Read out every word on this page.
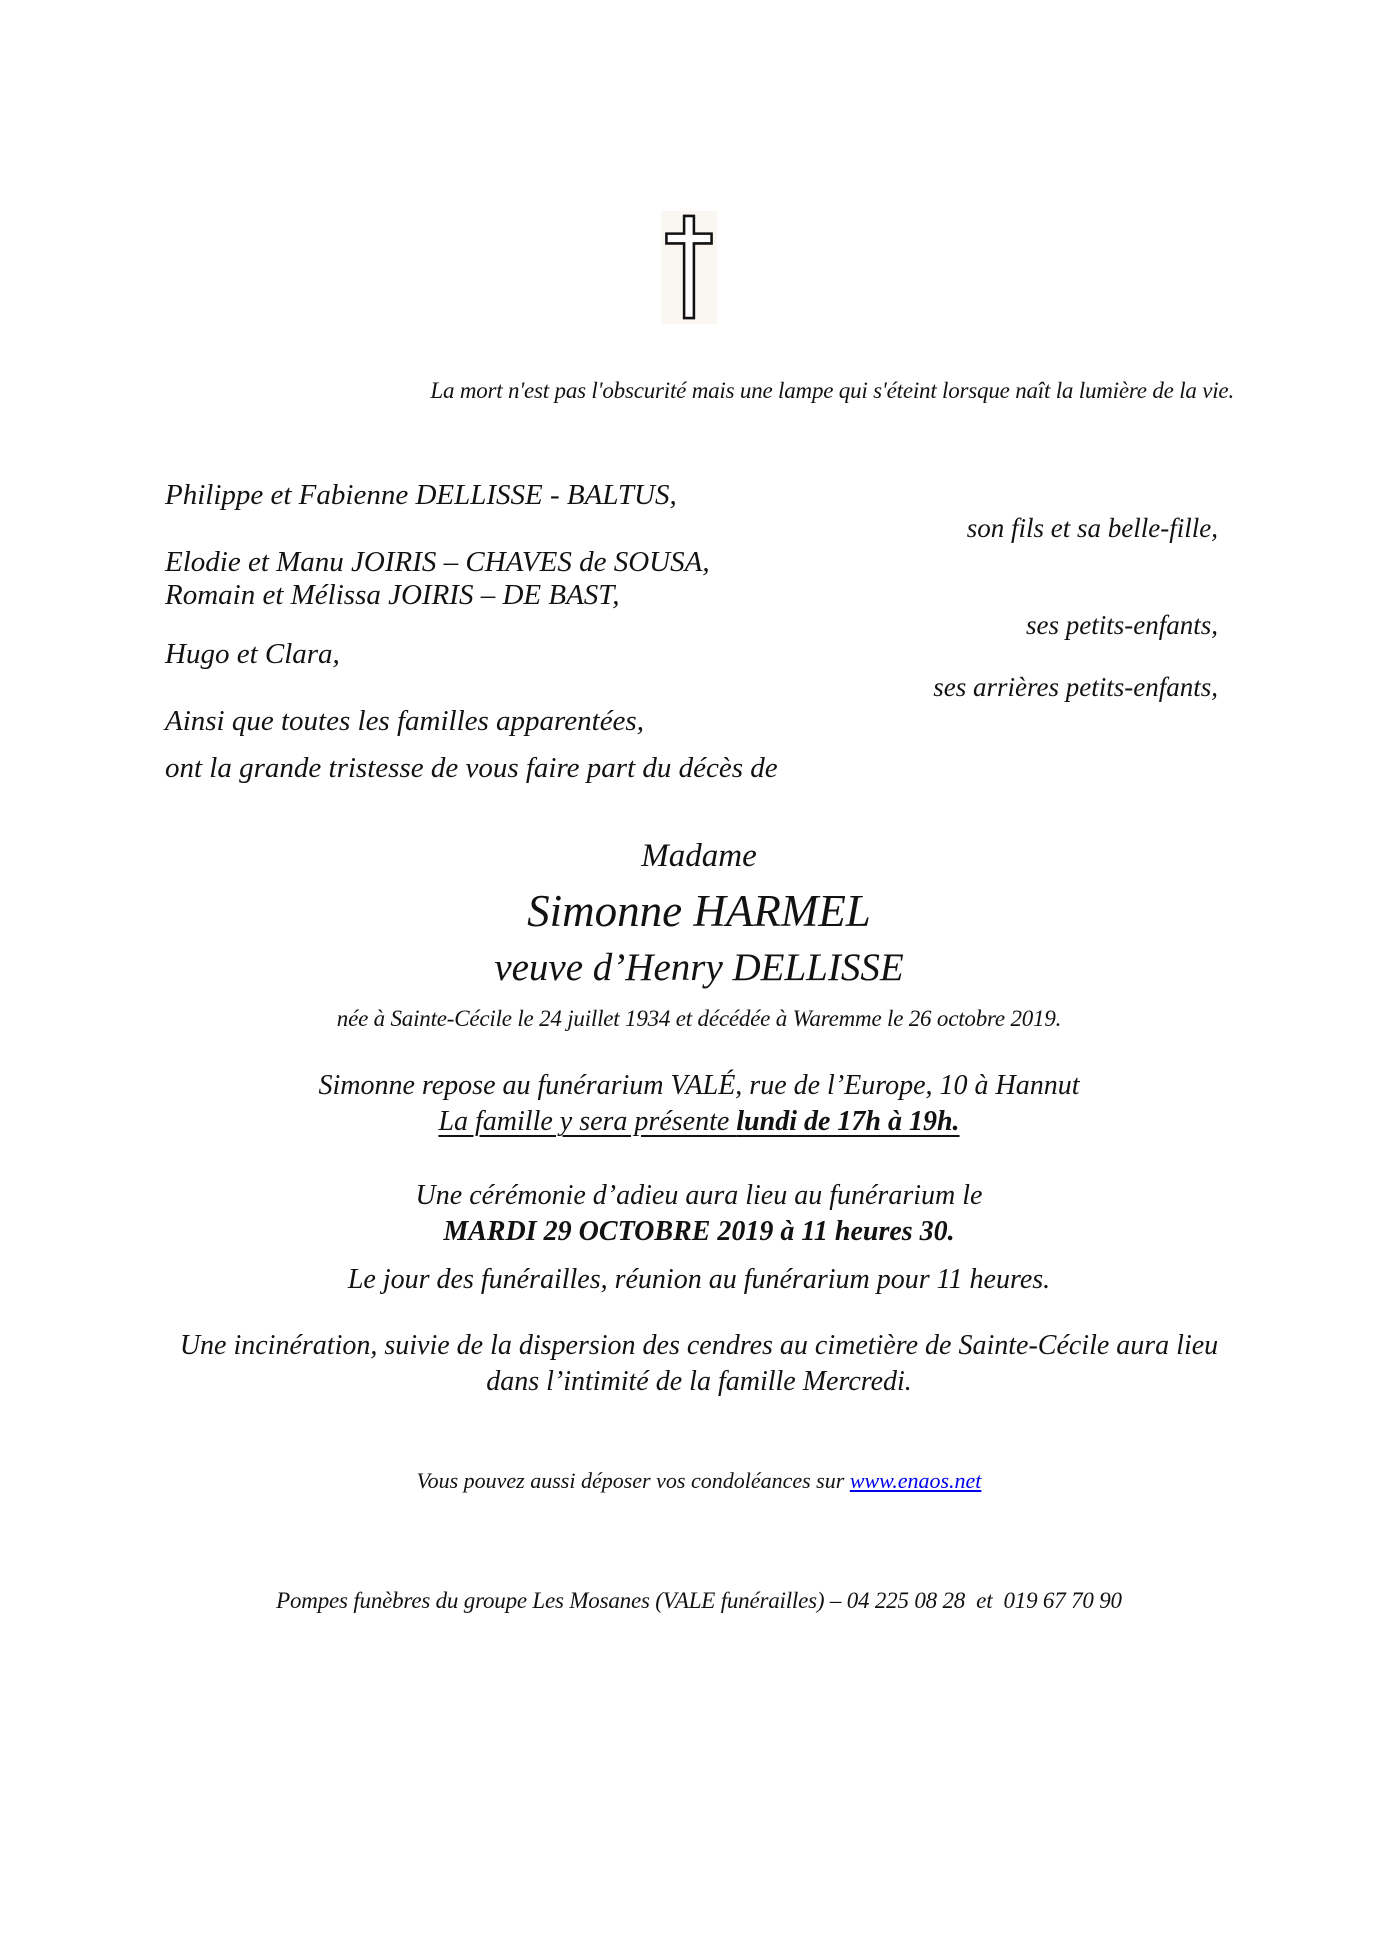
La mort n'est pas l'obscurité mais une lampe qui s'éteint lorsque naît la lumière de la vie.
Philippe et Fabienne DELLISSE - BALTUS,
son fils et sa belle-fille,
Elodie et Manu JOIRIS – CHAVES de SOUSA,
Romain et Mélissa JOIRIS – DE BAST,
ses petits-enfants,
Hugo et Clara,
ses arrières petits-enfants,
Ainsi que toutes les familles apparentées,
ont la grande tristesse de vous faire part du décès de
Madame
Simonne HARMEL
veuve d’Henry DELLISSE
née à Sainte-Cécile le 24 juillet 1934 et décédée à Waremme le 26 octobre 2019.
Simonne repose au funérarium VALÉ, rue de l’Europe, 10 à Hannut
La famille y sera présente lundi de 17h à 19h.
Une cérémonie d’adieu aura lieu au funérarium le
MARDI 29 OCTOBRE 2019 à 11 heures 30.
Le jour des funérailles, réunion au funérarium pour 11 heures.
Une incinération, suivie de la dispersion des cendres au cimetière de Sainte-Cécile aura lieu dans l’intimité de la famille Mercredi.
Vous pouvez aussi déposer vos condoléances sur www.enaos.net
Pompes funèbres du groupe Les Mosanes (VALE funérailles) – 04 225 08 28  et  019 67 70 90
